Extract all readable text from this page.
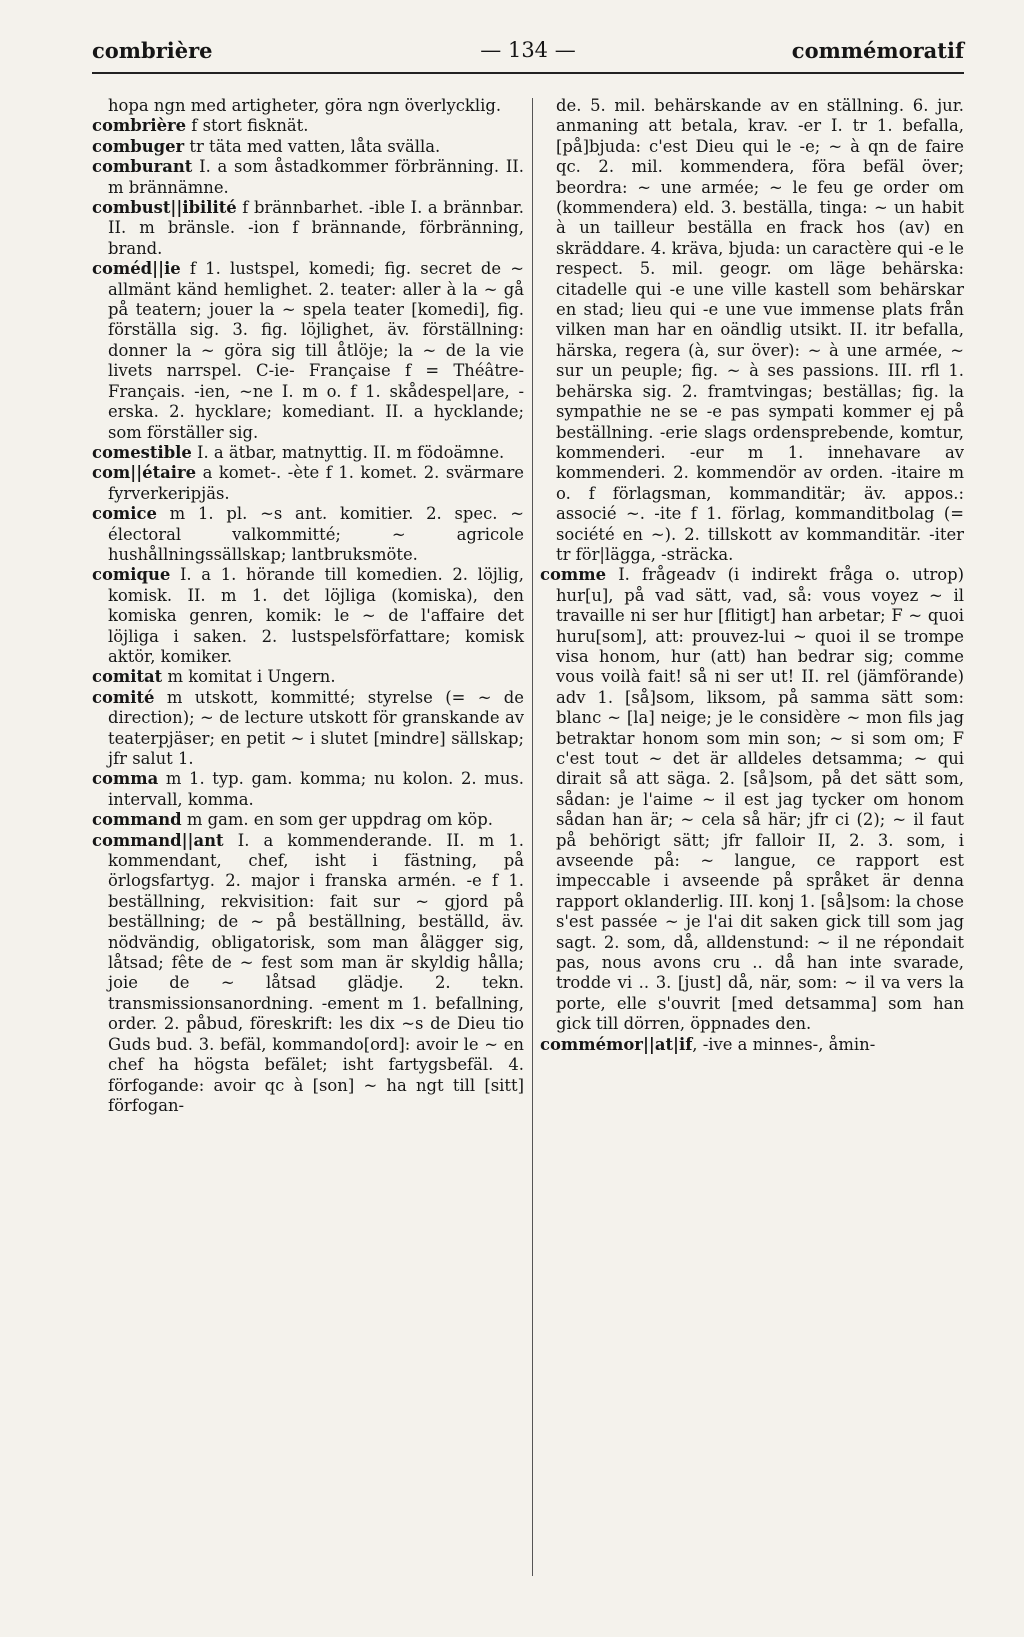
combrière	— 134 —	commémoratif

hopa ngn med artigheter, göra ngn överlycklig.

combrière f stort fisknät.

combuger tr täta med vatten, låta svälla.

comburant I. a som åstadkommer förbränning. II. m brännämne.

combust||ibilité f brännbarhet. -ible I. a brännbar. II. m bränsle. -ion f brännande, förbränning, brand.

coméd||ie f 1. lustspel, komedi; fig. secret de ~ allmänt känd hemlighet. 2. teater: aller à la ~ gå på teatern; jouer la ~ spela teater [komedi], fig. förställa sig. 3. fig. löjlighet, äv. förställning: donner la ~ göra sig till åtlöje; la ~ de la vie livets narrspel. C-ie- Française f = Théâtre-Français. -ien, ~ne I. m o. f 1. skådespel|are, -erska. 2. hycklare; komediant. II. a hycklande; som förställer sig.

comestible I. a ätbar, matnyttig. II. m födoämne.

com||étaire a komet-. -ète f 1. komet. 2. svärmare fyrverkeripjäs.

comice m 1. pl. ~s ant. komitier. 2. spec. ~ électoral valkommitté; ~ agricole hushållningssällskap; lantbruksmöte.

comique I. a 1. hörande till komedien. 2. löjlig, komisk. II. m 1. det löjliga (komiska), den komiska genren, komik: le ~ de l'affaire det löjliga i saken. 2. lustspelsförfattare; komisk aktör, komiker.

comitat m komitat i Ungern.

comité m utskott, kommitté; styrelse (= ~ de direction); ~ de lecture utskott för granskande av teaterpjäser; en petit ~ i slutet [mindre] sällskap; jfr salut 1.

comma m 1. typ. gam. komma; nu kolon. 2. mus. intervall, komma.

command m gam. en som ger uppdrag om köp.

command||ant I. a kommenderande. II. m 1. kommendant, chef, isht i fästning, på örlogsfartyg. 2. major i franska armén. -e f 1. beställning, rekvisition: fait sur ~ gjord på beställning; de ~ på beställning, beställd, äv. nödvändig, obligatorisk, som man ålägger sig, låtsad; fête de ~ fest som man är skyldig hålla; joie de ~ låtsad glädje. 2. tekn. transmissionsanordning. -ement m 1. befallning, order. 2. påbud, föreskrift: les dix ~s de Dieu tio Guds bud. 3. befäl, kommando[ord]: avoir le ~ en chef ha högsta befälet; isht fartygsbefäl. 4. förfogande: avoir qc à [son] ~ ha ngt till [sitt] förfogan-

de. 5. mil. behärskande av en ställning. 6. jur. anmaning att betala, krav. -er I. tr 1. befalla, [på]bjuda: c'est Dieu qui le -e; ~ à qn de faire qc. 2. mil. kommendera, föra befäl över; beordra: ~ une armée; ~ le feu ge order om (kommendera) eld. 3. beställa, tinga: ~ un habit à un tailleur beställa en frack hos (av) en skräddare. 4. kräva, bjuda: un caractère qui -e le respect. 5. mil. geogr. om läge behärska: citadelle qui -e une ville kastell som behärskar en stad; lieu qui -e une vue immense plats från vilken man har en oändlig utsikt. II. itr befalla, härska, regera (à, sur över): ~ à une armée, ~ sur un peuple; fig. ~ à ses passions. III. rfl 1. behärska sig. 2. framtvingas; beställas; fig. la sympathie ne se -e pas sympati kommer ej på beställning. -erie slags ordensprebende, komtur, kommenderi. -eur m 1. innehavare av kommenderi. 2. kommendör av orden. -itaire m o. f förlagsman, kommanditär; äv. appos.: associé ~. -ite f 1. förlag, kommanditbolag (= société en ~). 2. tillskott av kommanditär. -iter tr för|lägga, -sträcka.

comme I. frågeadv (i indirekt fråga o. utrop) hur[u], på vad sätt, vad, så: vous voyez ~ il travaille ni ser hur [flitigt] han arbetar; F ~ quoi huru[som], att: prouvez-lui ~ quoi il se trompe visa honom, hur (att) han bedrar sig; comme vous voilà fait! så ni ser ut! II. rel (jämförande) adv 1. [så]som, liksom, på samma sätt som: blanc ~ [la] neige; je le considère ~ mon fils jag betraktar honom som min son; ~ si som om; F c'est tout ~ det är alldeles detsamma; ~ qui dirait så att säga. 2. [så]som, på det sätt som, sådan: je l'aime ~ il est jag tycker om honom sådan han är; ~ cela så här; jfr ci (2); ~ il faut på behörigt sätt; jfr falloir II, 2. 3. som, i avseende på: ~ langue, ce rapport est impeccable i avseende på språket är denna rapport oklanderlig. III. konj 1. [så]som: la chose s'est passée ~ je l'ai dit saken gick till som jag sagt. 2. som, då, alldenstund: ~ il ne répondait pas, nous avons cru .. då han inte svarade, trodde vi .. 3. [just] då, när, som: ~ il va vers la porte, elle s'ouvrit [med detsamma] som han gick till dörren, öppnades den.

commémor||at|if, -ive a minnes-, åmin-
